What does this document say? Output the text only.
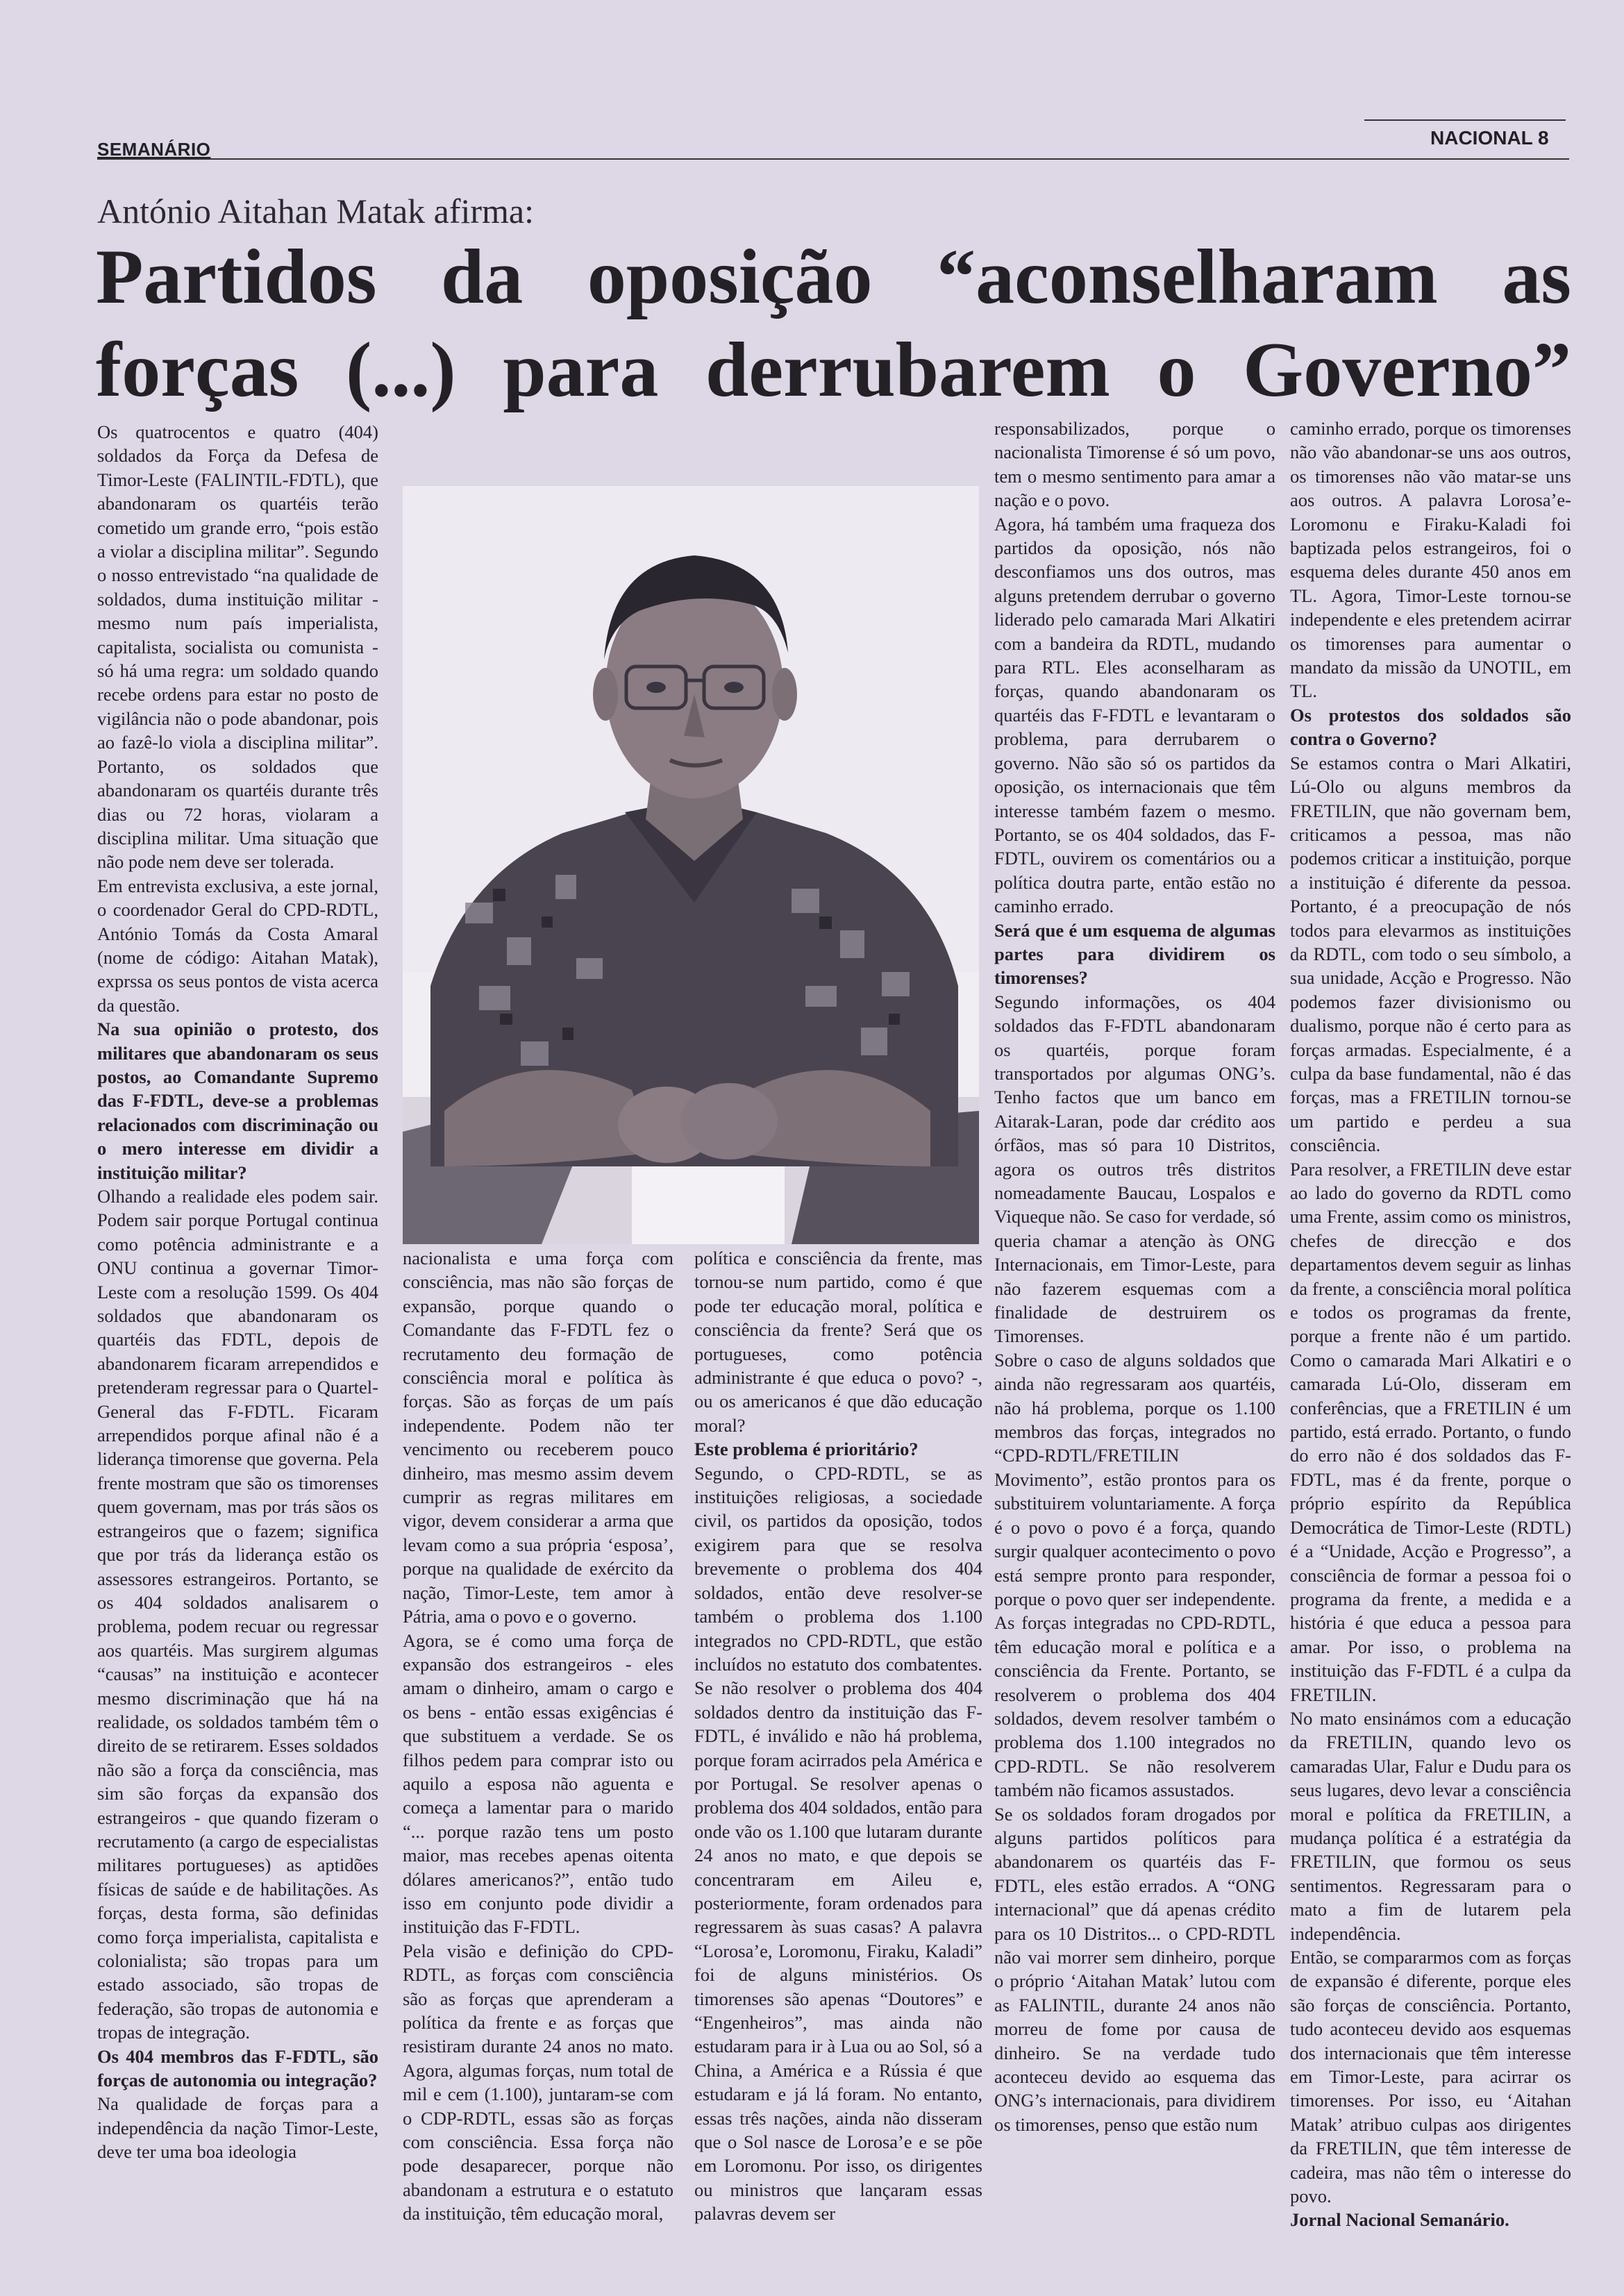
SEMANÁRIO
NACIONAL 8
António Aitahan Matak afirma:
Partidos da oposição “aconselharam as forças (...) para derrubarem o Governo”

Os quatrocentos e quatro (404) soldados da Força da Defesa de Timor-Leste (FALINTIL-FDTL), que abandonaram os quartéis terão cometido um grande erro, “pois estão a violar a disciplina militar”. Segundo o nosso entrevistado “na qualidade de soldados, duma instituição militar - mesmo num país imperialista, capitalista, socialista ou comunista - só há uma regra: um soldado quando recebe ordens para estar no posto de vigilância não o pode abandonar, pois ao fazê-lo viola a disciplina militar”. Portanto, os soldados que abandonaram os quartéis durante três dias ou 72 horas, violaram a disciplina militar. Uma situação que não pode nem deve ser tolerada.

Em entrevista exclusiva, a este jornal, o coordenador Geral do CPD-RDTL, António Tomás da Costa Amaral (nome de código: Aitahan Matak), exprssa os seus pontos de vista acerca da questão.

Na sua opinião o protesto, dos militares que abandonaram os seus postos, ao Comandante Supremo das F-FDTL, deve-se a problemas relacionados com discriminação ou o mero interesse em dividir a instituição militar?

Olhando a realidade eles podem sair. Podem sair porque Portugal continua como potência administrante e a ONU continua a governar Timor-Leste com a resolução 1599. Os 404 soldados que abandonaram os quartéis das FDTL, depois de abandonarem ficaram arrependidos e pretenderam regressar para o Quartel-General das F-FDTL. Ficaram arrependidos porque afinal não é a liderança timorense que governa. Pela frente mostram que são os timorenses quem governam, mas por trás sãos os estrangeiros que o fazem; significa que por trás da liderança estão os assessores estrangeiros. Portanto, se os 404 soldados analisarem o problema, podem recuar ou regressar aos quartéis. Mas surgirem algumas “causas” na instituição e acontecer mesmo discriminação que há na realidade, os soldados também têm o direito de se retirarem. Esses soldados não são a força da consciência, mas sim são forças da expansão dos estrangeiros - que quando fizeram o recrutamento (a cargo de especialistas militares portugueses) as aptidões físicas de saúde e de habilitações. As forças, desta forma, são definidas como força imperialista, capitalista e colonialista; são tropas para um estado associado, são tropas de federação, são tropas de autonomia e tropas de integração.

Os 404 membros das F-FDTL, são forças de autonomia ou integração?

Na qualidade de forças para a independência da nação Timor-Leste, deve ter uma boa ideologia

nacionalista e uma força com consciência, mas não são forças de expansão, porque quando o Comandante das F-FDTL fez o recrutamento deu formação de consciência moral e política às forças. São as forças de um país independente. Podem não ter vencimento ou receberem pouco dinheiro, mas mesmo assim devem cumprir as regras militares em vigor, devem considerar a arma que levam como a sua própria ‘esposa’, porque na qualidade de exército da nação, Timor-Leste, tem amor à Pátria, ama o povo e o governo.

Agora, se é como uma força de expansão dos estrangeiros - eles amam o dinheiro, amam o cargo e os bens - então essas exigências é que substituem a verdade. Se os filhos pedem para comprar isto ou aquilo a esposa não aguenta e começa a lamentar para o marido “... porque razão tens um posto maior, mas recebes apenas oitenta dólares americanos?”, então tudo isso em conjunto pode dividir a instituição das F-FDTL.

Pela visão e definição do CPD-RDTL, as forças com consciência são as forças que aprenderam a política da frente e as forças que resistiram durante 24 anos no mato. Agora, algumas forças, num total de mil e cem (1.100), juntaram-se com o CDP-RDTL, essas são as forças com consciência. Essa força não pode desaparecer, porque não abandonam a estrutura e o estatuto da instituição, têm educação moral,

política e consciência da frente, mas tornou-se num partido, como é que pode ter educação moral, política e consciência da frente? Será que os portugueses, como potência administrante é que educa o povo? -, ou os americanos é que dão educação moral?

Este problema é prioritário?

Segundo, o CPD-RDTL, se as instituições religiosas, a sociedade civil, os partidos da oposição, todos exigirem para que se resolva brevemente o problema dos 404 soldados, então deve resolver-se também o problema dos 1.100 integrados no CPD-RDTL, que estão incluídos no estatuto dos combatentes. Se não resolver o problema dos 404 soldados dentro da instituição das F-FDTL, é inválido e não há problema, porque foram acirrados pela América e por Portugal. Se resolver apenas o problema dos 404 soldados, então para onde vão os 1.100 que lutaram durante 24 anos no mato, e que depois se concentraram em Aileu e, posteriormente, foram ordenados para regressarem às suas casas? A palavra “Lorosa’e, Loromonu, Firaku, Kaladi” foi de alguns ministérios. Os timorenses são apenas “Doutores” e “Engenheiros”, mas ainda não estudaram para ir à Lua ou ao Sol, só a China, a América e a Rússia é que estudaram e já lá foram. No entanto, essas três nações, ainda não disseram que o Sol nasce de Lorosa’e e se põe em Loromonu. Por isso, os dirigentes ou ministros que lançaram essas palavras devem ser

responsabilizados, porque o nacionalista Timorense é só um povo, tem o mesmo sentimento para amar a nação e o povo.

Agora, há também uma fraqueza dos partidos da oposição, nós não desconfiamos uns dos outros, mas alguns pretendem derrubar o governo liderado pelo camarada Mari Alkatiri com a bandeira da RDTL, mudando para RTL. Eles aconselharam as forças, quando abandonaram os quartéis das F-FDTL e levantaram o problema, para derrubarem o governo. Não são só os partidos da oposição, os internacionais que têm interesse também fazem o mesmo. Portanto, se os 404 soldados, das F-FDTL, ouvirem os comentários ou a política doutra parte, então estão no caminho errado.

Será que é um esquema de algumas partes para dividirem os timorenses?

Segundo informações, os 404 soldados das F-FDTL abandonaram os quartéis, porque foram transportados por algumas ONG’s. Tenho factos que um banco em Aitarak-Laran, pode dar crédito aos órfãos, mas só para 10 Distritos, agora os outros três distritos nomeadamente Baucau, Lospalos e Viqueque não. Se caso for verdade, só queria chamar a atenção às ONG Internacionais, em Timor-Leste, para não fazerem esquemas com a finalidade de destruirem os Timorenses.

Sobre o caso de alguns soldados que ainda não regressaram aos quartéis, não há problema, porque os 1.100 membros das forças, integrados no “CPD-RDTL/FRETILIN Movimento”, estão prontos para os substituirem voluntariamente. A força é o povo o povo é a força, quando surgir qualquer acontecimento o povo está sempre pronto para responder, porque o povo quer ser independente. As forças integradas no CPD-RDTL, têm educação moral e política e a consciência da Frente. Portanto, se resolverem o problema dos 404 soldados, devem resolver também o problema dos 1.100 integrados no CPD-RDTL. Se não resolverem também não ficamos assustados.

Se os soldados foram drogados por alguns partidos políticos para abandonarem os quartéis das F-FDTL, eles estão errados. A “ONG internacional” que dá apenas crédito para os 10 Distritos... o CPD-RDTL não vai morrer sem dinheiro, porque o próprio ‘Aitahan Matak’ lutou com as FALINTIL, durante 24 anos não morreu de fome por causa de dinheiro. Se na verdade tudo aconteceu devido ao esquema das ONG’s internacionais, para dividirem os timorenses, penso que estão num

caminho errado, porque os timorenses não vão abandonar-se uns aos outros, os timorenses não vão matar-se uns aos outros. A palavra Lorosa’e-Loromonu e Firaku-Kaladi foi baptizada pelos estrangeiros, foi o esquema deles durante 450 anos em TL. Agora, Timor-Leste tornou-se independente e eles pretendem acirrar os timorenses para aumentar o mandato da missão da UNOTIL, em TL.

Os protestos dos soldados são contra o Governo?

Se estamos contra o Mari Alkatiri, Lú-Olo ou alguns membros da FRETILIN, que não governam bem, criticamos a pessoa, mas não podemos criticar a instituição, porque a instituição é diferente da pessoa. Portanto, é a preocupação de nós todos para elevarmos as instituições da RDTL, com todo o seu símbolo, a sua unidade, Acção e Progresso. Não podemos fazer divisionismo ou dualismo, porque não é certo para as forças armadas. Especialmente, é a culpa da base fundamental, não é das forças, mas a FRETILIN tornou-se um partido e perdeu a sua consciência.

Para resolver, a FRETILIN deve estar ao lado do governo da RDTL como uma Frente, assim como os ministros, chefes de direcção e dos departamentos devem seguir as linhas da frente, a consciência moral política e todos os programas da frente, porque a frente não é um partido. Como o camarada Mari Alkatiri e o camarada Lú-Olo, disseram em conferências, que a FRETILIN é um partido, está errado. Portanto, o fundo do erro não é dos soldados das F-FDTL, mas é da frente, porque o próprio espírito da República Democrática de Timor-Leste (RDTL) é a “Unidade, Acção e Progresso”, a consciência de formar a pessoa foi o programa da frente, a medida e a história é que educa a pessoa para amar. Por isso, o problema na instituição das F-FDTL é a culpa da FRETILIN.

No mato ensinámos com a educação da FRETILIN, quando levo os camaradas Ular, Falur e Dudu para os seus lugares, devo levar a consciência moral e política da FRETILIN, a mudança política é a estratégia da FRETILIN, que formou os seus sentimentos. Regressaram para o mato a fim de lutarem pela independência.

Então, se compararmos com as forças de expansão é diferente, porque eles são forças de consciência. Portanto, tudo aconteceu devido aos esquemas dos internacionais que têm interesse em Timor-Leste, para acirrar os timorenses. Por isso, eu ‘Aitahan Matak’ atribuo culpas aos dirigentes da FRETILIN, que têm interesse de cadeira, mas não têm o interesse do povo.

Jornal Nacional Semanário.
